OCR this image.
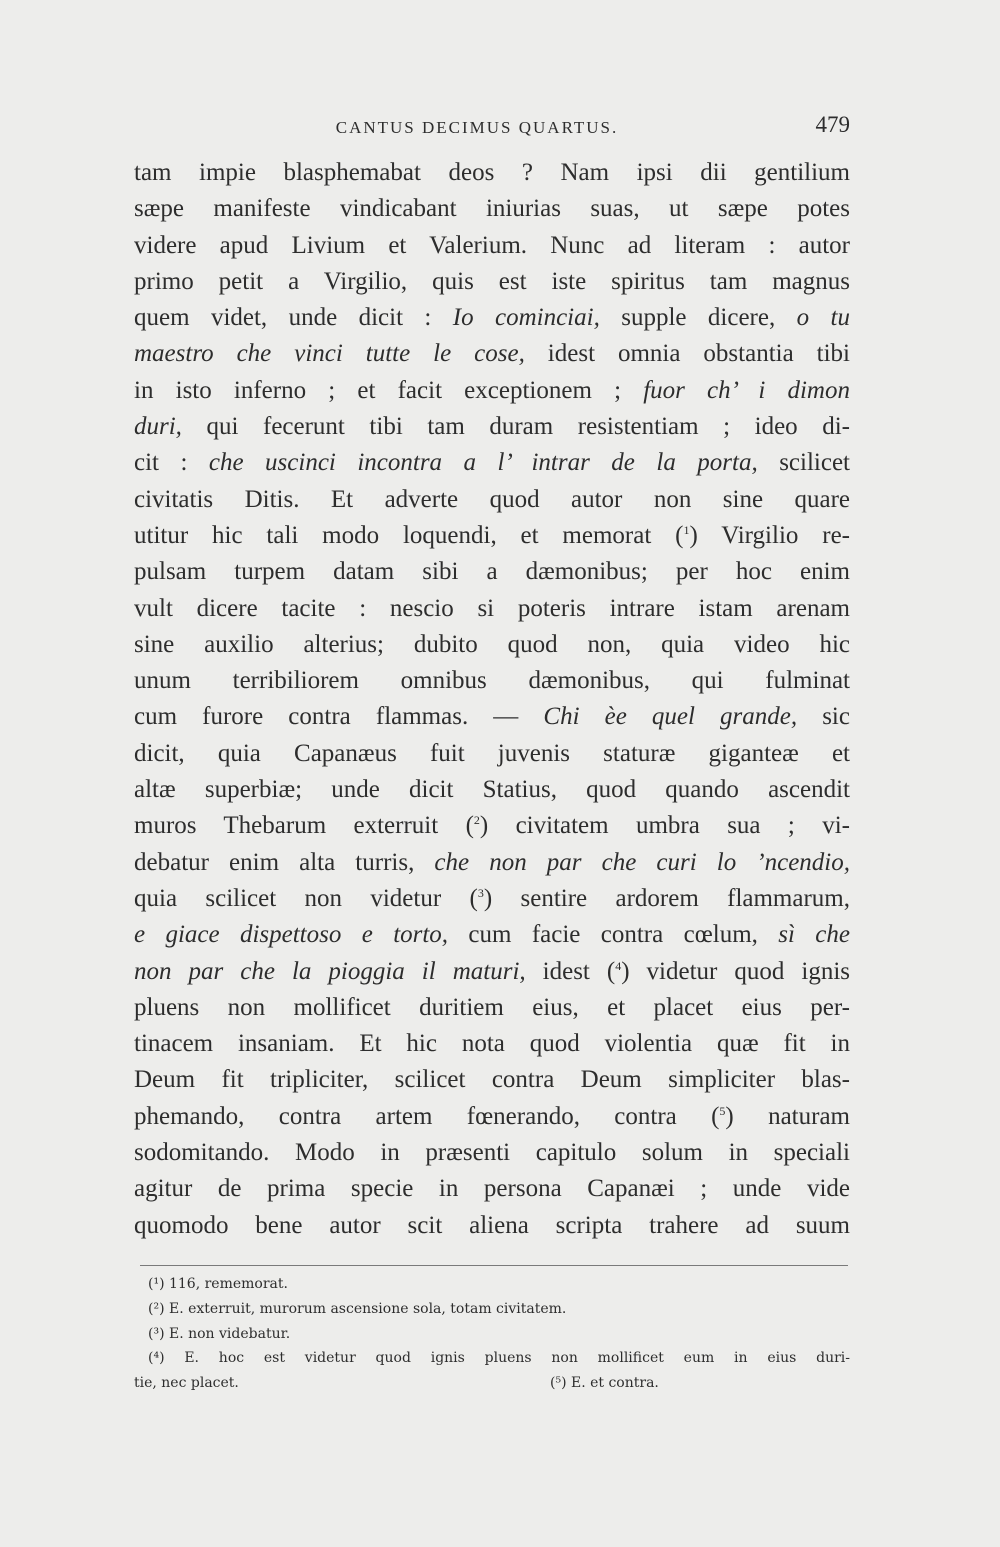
CANTUS DECIMUS QUARTUS.	479
tam impie blasphemabat deos ? Nam ipsi dii gentilium
sæpe manifeste vindicabant iniurias suas, ut sæpe potes
videre apud Livium et Valerium. Nunc ad literam : autor
primo petit a Virgilio, quis est iste spiritus tam magnus
quem videt, unde dicit : Io cominciai, supple dicere, o tu
maestro che vinci tutte le cose, idest omnia obstantia tibi
in isto inferno ; et facit exceptionem ; fuor ch’ i dimon
duri, qui fecerunt tibi tam duram resistentiam ; ideo di-
cit : che uscinci incontra a l’ intrar de la porta, scilicet
civitatis Ditis. Et adverte quod autor non sine quare
utitur hic tali modo loquendi, et memorat ($^1$) Virgilio re-
pulsam turpem datam sibi a dæmonibus; per hoc enim
vult dicere tacite : nescio si poteris intrare istam arenam
sine auxilio alterius; dubito quod non, quia video hic
unum terribiliorem omnibus dæmonibus, qui fulminat
cum furore contra flammas. — Chi èe quel grande, sic
dicit, quia Capanæus fuit juvenis staturæ giganteæ et
altæ superbiæ; unde dicit Statius, quod quando ascendit
muros Thebarum exterruit ($^2$) civitatem umbra sua ; vi-
debatur enim alta turris, che non par che curi lo ’ncendio,
quia scilicet non videtur ($^3$) sentire ardorem flammarum,
e giace dispettoso e torto, cum facie contra cœlum, sì che
non par che la pioggia il maturi, idest ($^4$) videtur quod ignis
pluens non mollificet duritiem eius, et placet eius per-
tinacem insaniam. Et hic nota quod violentia quæ fit in
Deum fit tripliciter, scilicet contra Deum simpliciter blas-
phemando, contra artem fœnerando, contra ($^5$) naturam
sodomitando. Modo in præsenti capitulo solum in speciali
agitur de prima specie in persona Capanæi ; unde vide
quomodo bene autor scit aliena scripta trahere ad suum
(¹) 116, rememorat.
(²) E. exterruit, murorum ascensione sola, totam civitatem.
(³) E. non videbatur.
(⁴) E. hoc est videtur quod ignis pluens non mollificet eum in eius duri-
tie, nec placet.	(⁵) E. et contra.
